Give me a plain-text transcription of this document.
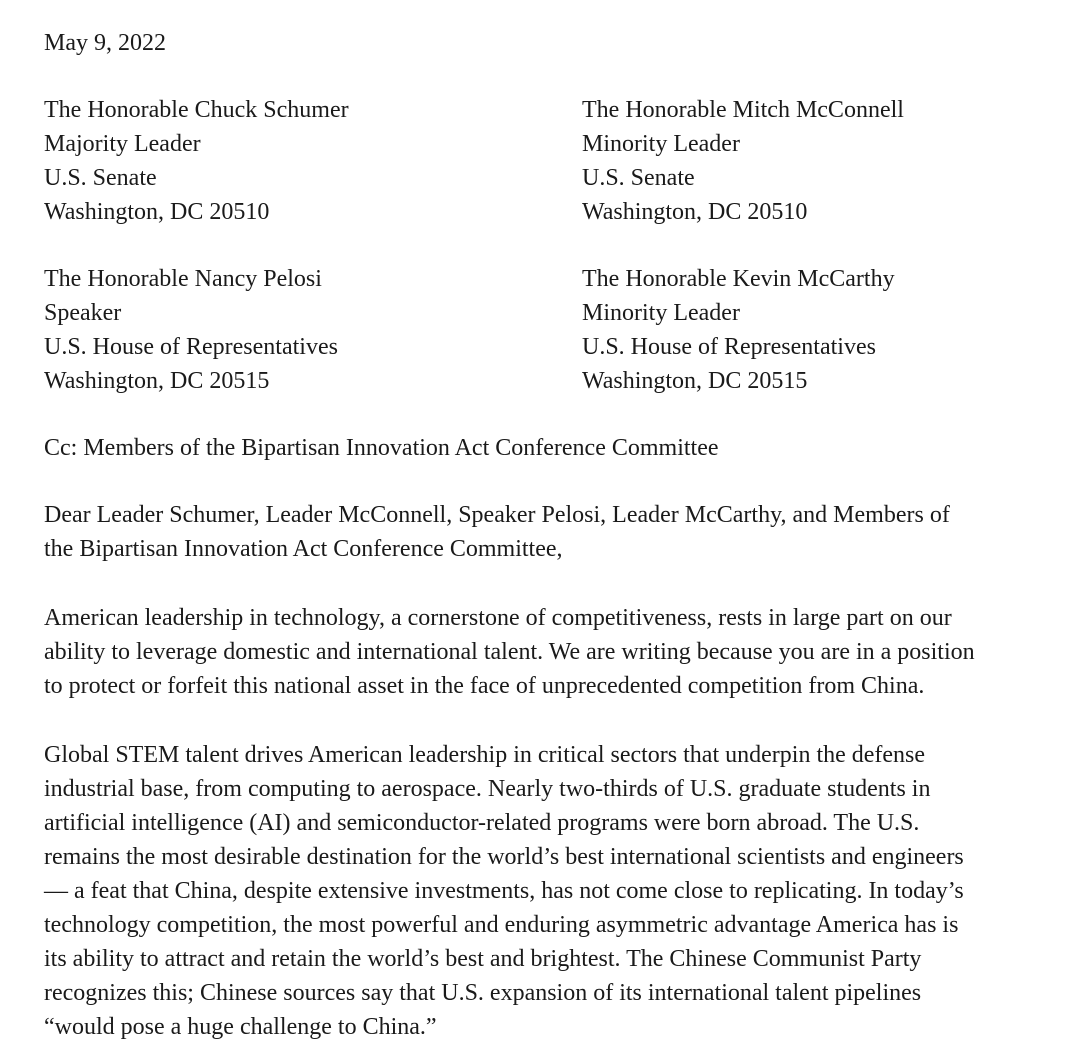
May 9, 2022
The Honorable Chuck Schumer
Majority Leader
U.S. Senate
Washington, DC 20510
The Honorable Mitch McConnell
Minority Leader
U.S. Senate
Washington, DC 20510
The Honorable Nancy Pelosi
Speaker
U.S. House of Representatives
Washington, DC 20515
The Honorable Kevin McCarthy
Minority Leader
U.S. House of Representatives
Washington, DC 20515
Cc: Members of the Bipartisan Innovation Act Conference Committee

Dear Leader Schumer, Leader McConnell, Speaker Pelosi, Leader McCarthy, and Members of
the Bipartisan Innovation Act Conference Committee,

American leadership in technology, a cornerstone of competitiveness, rests in large part on our
ability to leverage domestic and international talent. We are writing because you are in a position
to protect or forfeit this national asset in the face of unprecedented competition from China.

Global STEM talent drives American leadership in critical sectors that underpin the defense
industrial base, from computing to aerospace. Nearly two-thirds of U.S. graduate students in
artificial intelligence (AI) and semiconductor-related programs were born abroad. The U.S.
remains the most desirable destination for the world’s best international scientists and engineers
— a feat that China, despite extensive investments, has not come close to replicating. In today’s
technology competition, the most powerful and enduring asymmetric advantage America has is
its ability to attract and retain the world’s best and brightest. The Chinese Communist Party
recognizes this; Chinese sources say that U.S. expansion of its international talent pipelines
“would pose a huge challenge to China.”
